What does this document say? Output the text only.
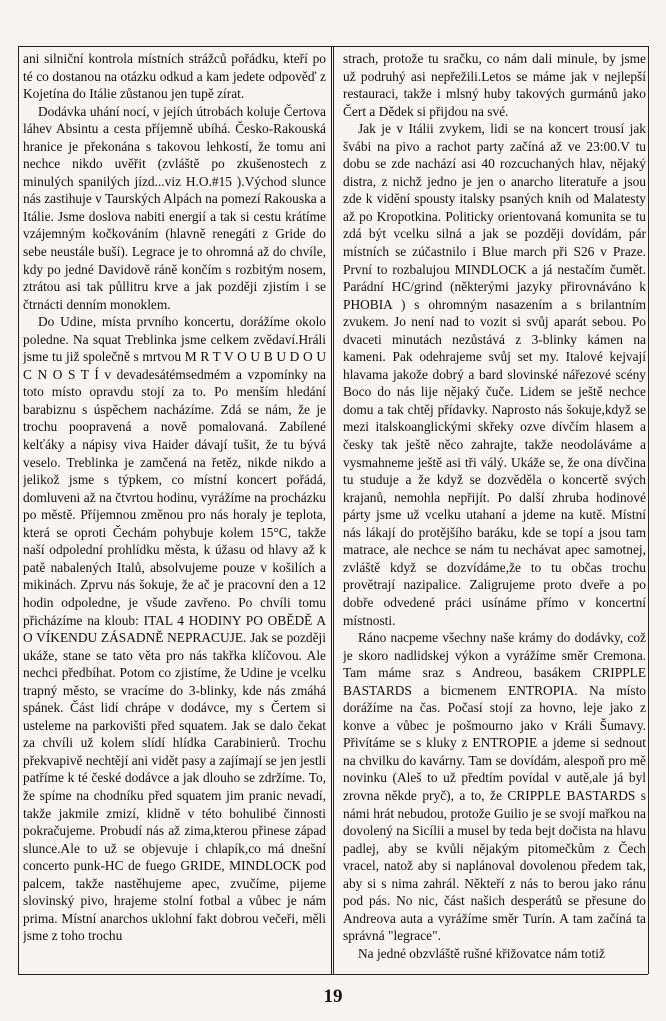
ani silniční kontrola místních strážců pořádku, kteří po té co dostanou na otázku odkud a kam jedete odpověď z Kojetína do Itálie zůstanou jen tupě zírat.

Dodávka uhání nocí, v jejích útrobách koluje Čertova láhev Absintu a cesta příjemně ubíhá. Česko-Rakouská hranice je překonána s takovou lehkostí, že tomu ani nechce nikdo uvěřit (zvláště po zkušenostech z minulých spanilých jízd...viz H.O.#15 ).Východ slunce nás zastihuje v Taurských Alpách na pomezí Rakouska a Itálie. Jsme doslova nabiti energií a tak si cestu krátíme vzájemným kočkováním (hlavně renegáti z Gride do sebe neustále buší). Legrace je to ohromná až do chvíle, kdy po jedné Davidově ráně končím s rozbitým nosem, ztrátou asi tak půllitru krve a jak později zjistím i se čtrnácti denním monoklem.

Do Udine, místa prvního koncertu, dorážíme okolo poledne. Na squat Treblinka jsme celkem zvědaví.Hráli jsme tu již společně s mrtvou M R T V O U B U D O U C N O S T Í v devadesátémsedmém a vzpomínky na toto místo opravdu stojí za to. Po menším hledání barabiznu s úspěchem nacházíme. Zdá se nám, že je trochu poopravená a nově pomalovaná. Zabílené kelťáky a nápisy viva Haider dávají tušit, že tu bývá veselo. Treblinka je zamčená na řetěz, nikde nikdo a jelikož jsme s týpkem, co místní koncert pořádá, domluveni až na čtvrtou hodinu, vyrážíme na procházku po městě. Příjemnou změnou pro nás horaly je teplota, která se oproti Čechám pohybuje kolem 15°C, takže naší odpolední prohlídku města, k úžasu od hlavy až k patě nabalených Italů, absolvujeme pouze v košilích a mikinách. Zprvu nás šokuje, že ač je pracovní den a 12 hodin odpoledne, je všude zavřeno. Po chvíli tomu přicházíme na kloub: ITAL 4 HODINY PO OBĚDĚ A O VÍKENDU ZÁSADNĚ NEPRACUJE. Jak se později ukáže, stane se tato věta pro nás takřka klíčovou. Ale nechci předbíhat. Potom co zjistíme, že Udine je vcelku trapný město, se vracíme do 3-blinky, kde nás zmáhá spánek. Část lidí chrápe v dodávce, my s Čertem si usteleme na parkovišti před squatem. Jak se dalo čekat za chvíli už kolem slídí hlídka Carabinierů. Trochu překvapivě nechtějí ani vidět pasy a zajímají se jen jestli patříme k té české dodávce a jak dlouho se zdržíme. To, že spíme na chodníku před squatem jim pranic nevadí, takže jakmile zmizí, klidně v této bohulibé činnosti pokračujeme. Probudí nás až zima,kterou přinese západ slunce.Ale to už se objevuje i chlapík,co má dnešní concerto punk-HC de fuego GRIDE, MINDLOCK pod palcem, takže nastěhujeme apec, zvučíme, pijeme slovinský pivo, hrajeme stolní fotbal a vůbec je nám prima. Místní anarchos uklohní fakt dobrou večeři, měli jsme z toho trochu

strach, protože tu sračku, co nám dali minule, by jsme už podruhý asi nepřežili.Letos se máme jak v nejlepší restauraci, takže i mlsný huby takových gurmánů jako Čert a Dědek si přijdou na své.

Jak je v Itálii zvykem, lidi se na koncert trousí jak švábi na pivo a rachot party začíná až ve 23:00.V tu dobu se zde nachází asi 40 rozcuchaných hlav, nějaký distra, z nichž jedno je jen o anarcho literatuře a jsou zde k vidění spousty italsky psaných knih od Malatesty až po Kropotkina. Politicky orientovaná komunita se tu zdá být vcelku silná a jak se později dovídám, pár místních se zúčastnilo i Blue march při S26 v Praze. První to rozbalujou MINDLOCK a já nestačím čumět. Parádní HC/grind (některými jazyky přirovnáváno k PHOBIA ) s ohromným nasazením a s brilantním zvukem. Jo není nad to vozit si svůj aparát sebou. Po dvaceti minutách nezůstává z 3-blinky kámen na kameni. Pak odehrajeme svůj set my. Italové kejvají hlavama jakože dobrý a bard slovinské nářezové scény Boco do nás lije nějaký čuče. Lidem se ještě nechce domu a tak chtěj přídavky. Naprosto nás šokuje,když se mezi italskoanglickými skřeky ozve dívčím hlasem a česky tak ještě něco zahrajte, takže neodoláváme a vysmahneme ještě asi tři válý. Ukáže se, že ona dívčina tu studuje a že když se dozvěděla o koncertě svých krajanů, nemohla nepřijít. Po další zhruba hodinové párty jsme už vcelku utahaní a jdeme na kutě. Místní nás lákají do protějšího baráku, kde se topí a jsou tam matrace, ale nechce se nám tu nechávat apec samotnej, zvláště když se dozvídáme,že to tu občas trochu provětrají nazipalice. Zaligrujeme proto dveře a po dobře odvedené práci usínáme přímo v koncertní místnosti.

Ráno nacpeme všechny naše krámy do dodávky, což je skoro nadlidskej výkon a vyrážíme směr Cremona. Tam máme sraz s Andreou, basákem CRIPPLE BASTARDS a bicmenem ENTROPIA. Na místo dorážíme na čas. Počasí stojí za hovno, leje jako z konve a vůbec je pošmourno jako v Králi Šumavy. Přivítáme se s kluky z ENTROPIE a jdeme si sednout na chvilku do kavárny. Tam se dovídám, alespoň pro mě novinku (Aleš to už předtím povídal v autě,ale já byl zrovna někde pryč), a to, že CRIPPLE BASTARDS s námi hrát nebudou, protože Guilio je se svojí mařkou na dovolený na Sicílii a musel by teda bejt dočista na hlavu padlej, aby se kvůli nějakým pitomečkům z Čech vracel, natož aby si naplánoval dovolenou předem tak, aby si s nima zahrál. Někteří z nás to berou jako ránu pod pás. No nic, část našich desperátů se přesune do Andreova auta a vyrážíme směr Turín. A tam začíná ta správná "legrace".

Na jedné obzvláště rušné křižovatce nám totiž

19
